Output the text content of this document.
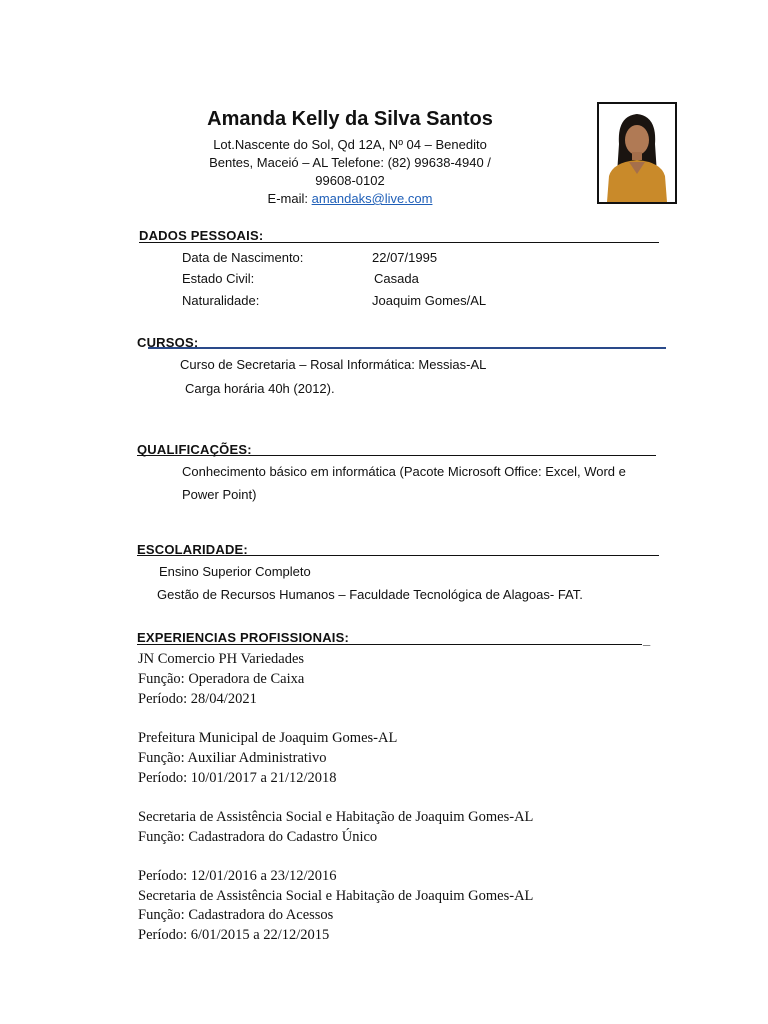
Amanda Kelly da Silva Santos
Lot.Nascente do Sol, Qd 12A, Nº 04 – Benedito
Bentes, Maceió – AL Telefone: (82) 99638-4940 /
99608-0102
E-mail: amandaks@live.com
DADOS PESSOAIS:
Data de Nascimento:	22/07/1995
Estado Civil:	Casada
Naturalidade:	Joaquim Gomes/AL
CURSOS:
Curso de Secretaria – Rosal Informática: Messias-AL
Carga horária 40h (2012).
QUALIFICAÇÕES:
Conhecimento básico em informática (Pacote Microsoft Office: Excel, Word e
Power Point)
ESCOLARIDADE:
Ensino Superior Completo
Gestão de Recursos Humanos – Faculdade Tecnológica de Alagoas- FAT.
EXPERIENCIAS PROFISSIONAIS:	_
JN Comercio PH Variedades
Função: Operadora de Caixa
Período: 28/04/2021
Prefeitura Municipal de Joaquim Gomes-AL
Função: Auxiliar Administrativo
Período: 10/01/2017 a 21/12/2018
Secretaria de Assistência Social e Habitação de Joaquim Gomes-AL
Função: Cadastradora do Cadastro Único
Período: 12/01/2016 a 23/12/2016
Secretaria de Assistência Social e Habitação de Joaquim Gomes-AL
Função: Cadastradora do Acessos
Período: 6/01/2015 a 22/12/2015
